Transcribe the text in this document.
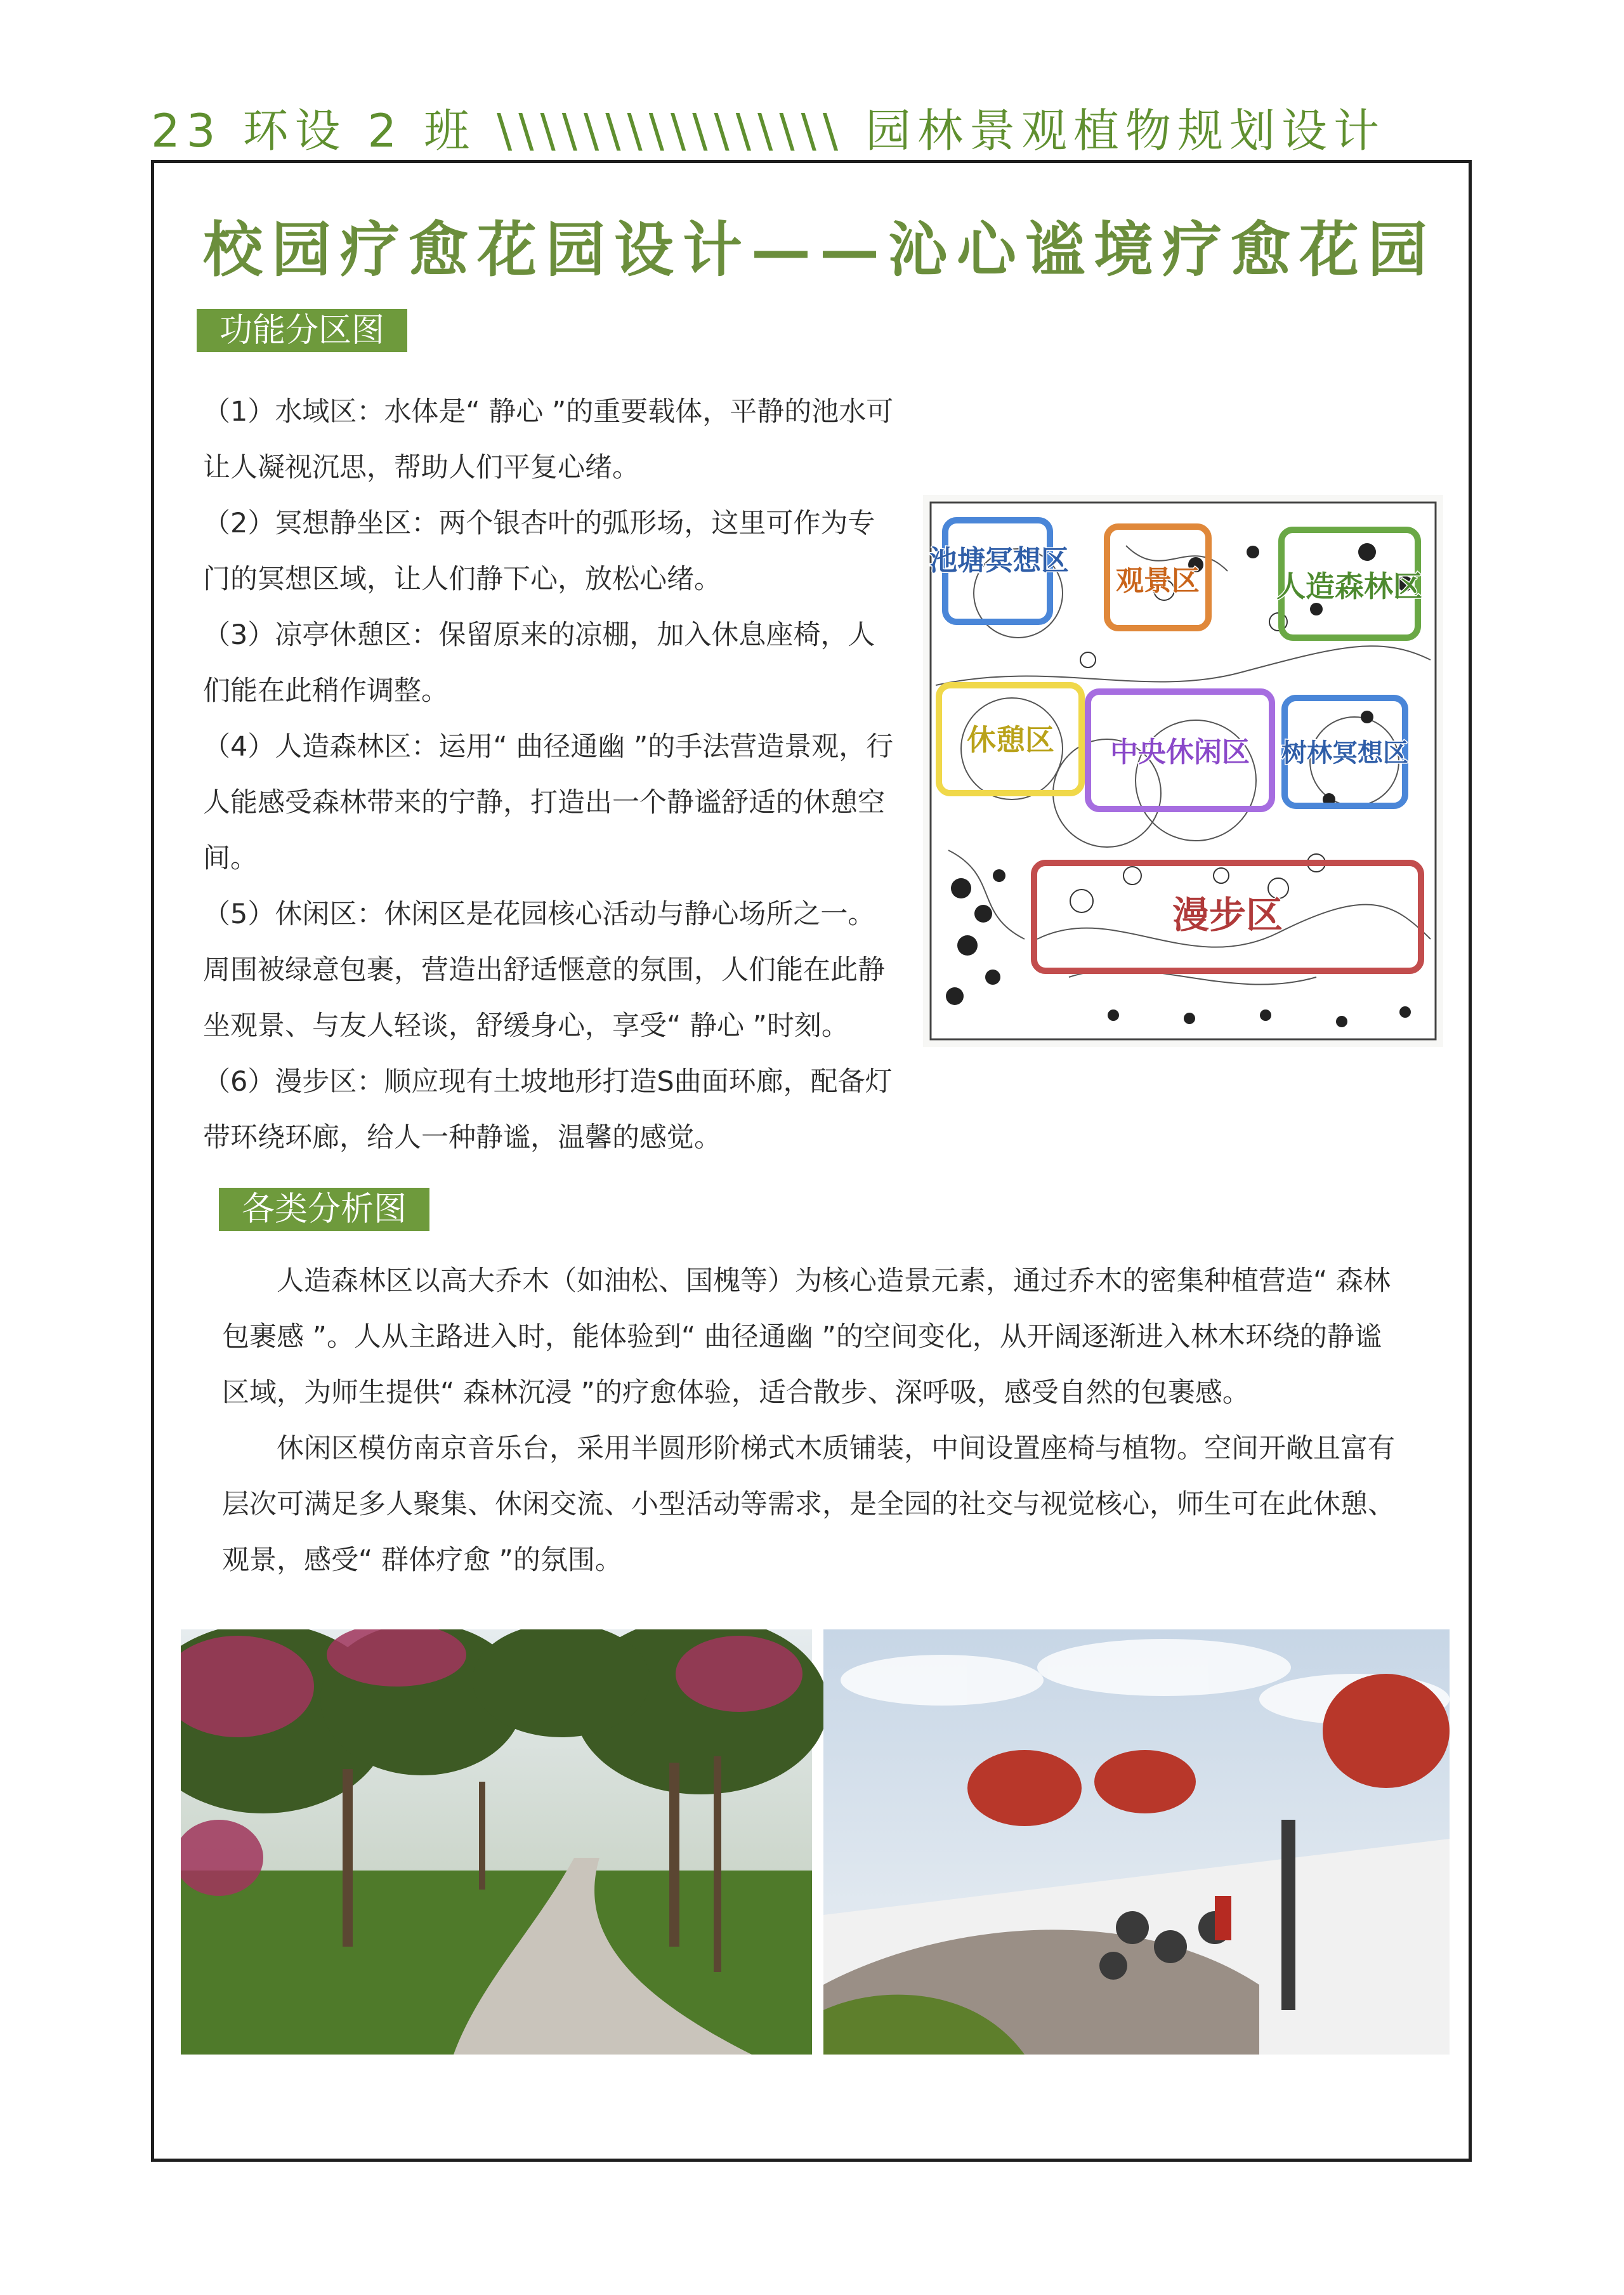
23 环设 2 班 \\\\\\\\\\\\\\\\ 园林景观植物规划设计
校园疗愈花园设计——沁心谧境疗愈花园
功能分区图

（1）水域区：水体是“ 静心 ”的重要载体，平静的池水可让人凝视沉思，帮助人们平复心绪。

（2）冥想静坐区：两个银杏叶的弧形场，这里可作为专门的冥想区域，让人们静下心，放松心绪。

（3）凉亭休憩区：保留原来的凉棚，加入休息座椅，人们能在此稍作调整。

（4）人造森林区：运用“ 曲径通幽 ”的手法营造景观，行人能感受森林带来的宁静，打造出一个静谧舒适的休憩空间。

（5）休闲区：休闲区是花园核心活动与静心场所之一。周围被绿意包裹，营造出舒适惬意的氛围，人们能在此静坐观景、与友人轻谈，舒缓身心，享受“ 静心 ”时刻。

（6）漫步区：顺应现有土坡地形打造S曲面环廊，配备灯带环绕环廊，给人一种静谧，温馨的感觉。

池塘冥想区
观景区	人造森林区
休憩区 中央休闲区 树林冥想区
漫步区
各类分析图

人造森林区以高大乔木（如油松、国槐等）为核心造景元素，通过乔木的密集种植营造“ 森林包裹感 ”。人从主路进入时，能体验到“ 曲径通幽 ”的空间变化，从开阔逐渐进入林木环绕的静谧区域，为师生提供“ 森林沉浸 ”的疗愈体验，适合散步、深呼吸，感受自然的包裹感。

休闲区模仿南京音乐台，采用半圆形阶梯式木质铺装，中间设置座椅与植物。空间开敞且富有层次可满足多人聚集、休闲交流、小型活动等需求，是全园的社交与视觉核心，师生可在此休憩、观景，感受“ 群体疗愈 ”的氛围。
